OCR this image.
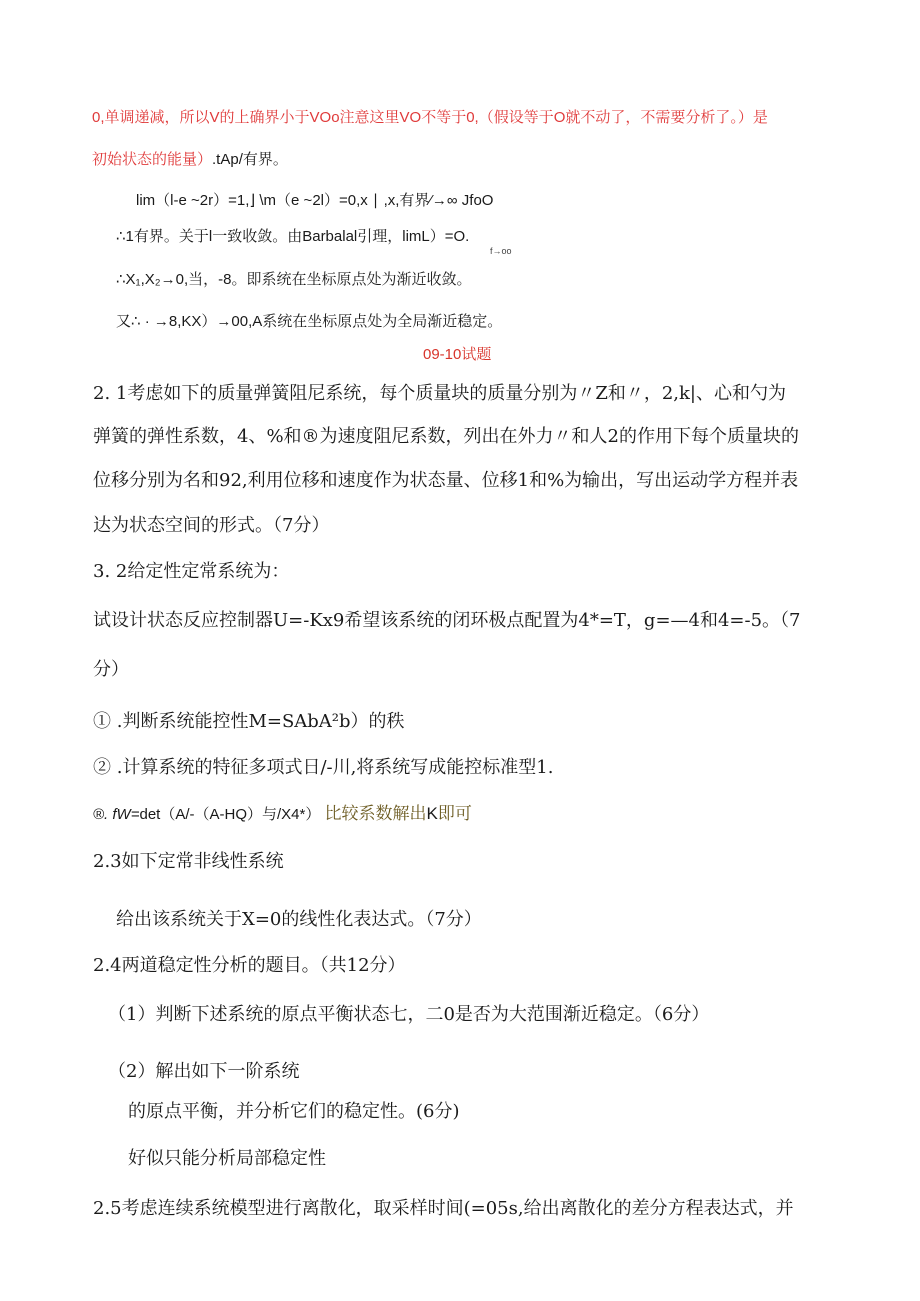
0,单调递减，所以V的上确界小于VOo注意这里VO不等于0,（假设等于O就不动了，不需要分析了。）是
初始状态的能量）.tAp/有界。
lim（l-e ~2r）=1,⌋ \m（e ~2l）=0,x ∣ ,x,有界⁄→∞ JfoO
∴1有界。关于l一致收敛。由Barbalal引理，limL）=O.
f→oo
∴X₁,X₂→0,当，-8。即系统在坐标原点处为渐近收敛。
又∴ · →8,KX）→00,A系统在坐标原点处为全局渐近稳定。
09-10试题
2. 1考虑如下的质量弹簧阻尼系统，每个质量块的质量分别为〃Z和〃，2,k|、心和勺为
弹簧的弹性系数，4、%和®为速度阻尼系数，列出在外力〃和人2的作用下每个质量块的
位移分别为名和92,利用位移和速度作为状态量、位移1和%为输出，写出运动学方程并表
达为状态空间的形式。（7分）
3. 2给定性定常系统为：
试设计状态反应控制器U=-Kx9希望该系统的闭环极点配置为4*=T，g=—4和4=-5。（7
分）
① .判断系统能控性M=SAbA²b）的秩
② .计算系统的特征多项式日/-川,将系统写成能控标准型1.
®. fW=det（A/-（A-HQ）与/X4*） 比较系数解出K即可
2.3如下定常非线性系统
给出该系统关于X=0的线性化表达式。（7分）
2.4两道稳定性分析的题目。（共12分）
（1）判断下述系统的原点平衡状态七，二0是否为大范围渐近稳定。（6分）
（2）解出如下一阶系统
的原点平衡，并分析它们的稳定性。(6分)
好似只能分析局部稳定性
2.5考虑连续系统模型进行离散化，取采样时间(=05s,给出离散化的差分方程表达式，并
